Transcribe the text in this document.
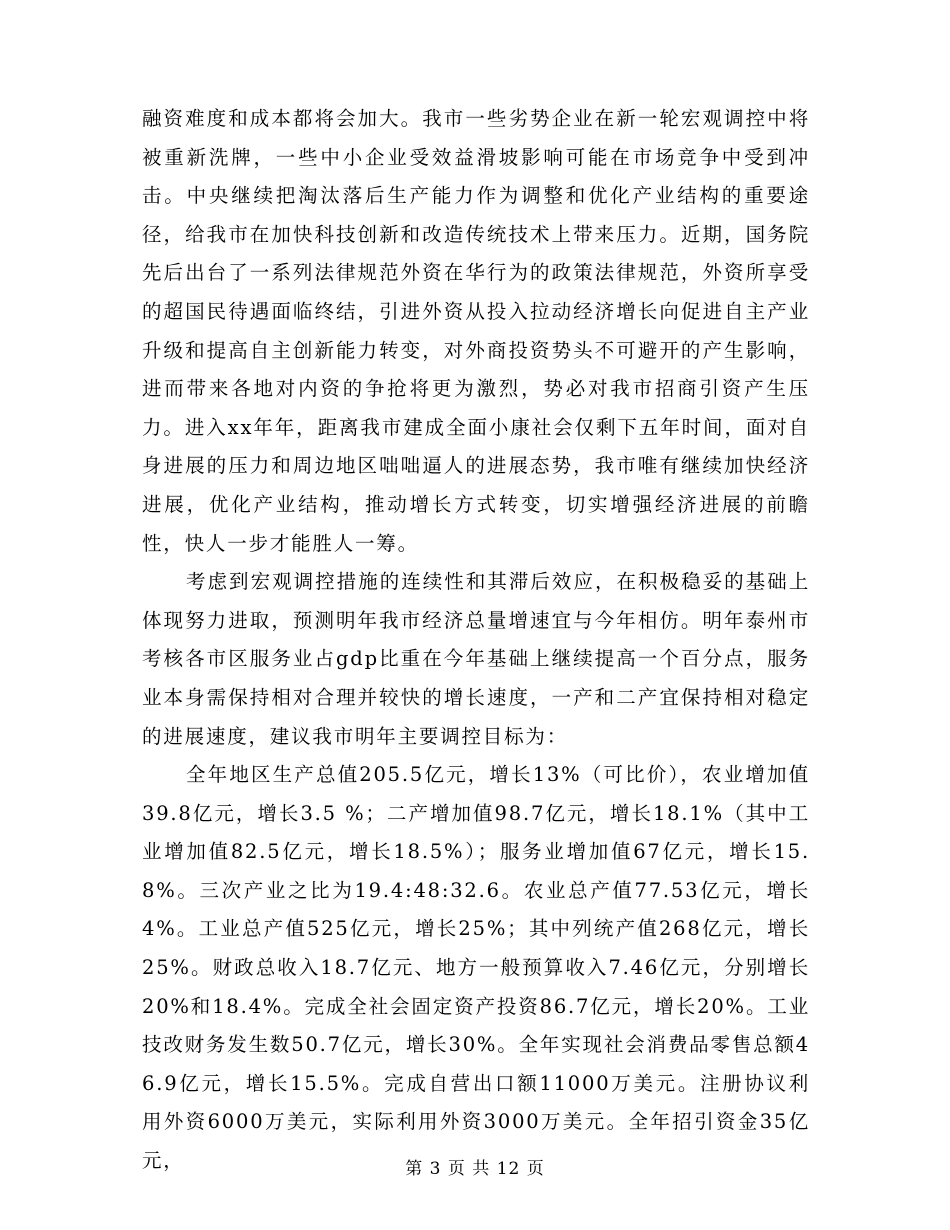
融资难度和成本都将会加大。我市一些劣势企业在新一轮宏观调控中将被重新洗牌，一些中小企业受效益滑坡影响可能在市场竞争中受到冲击。中央继续把淘汰落后生产能力作为调整和优化产业结构的重要途径，给我市在加快科技创新和改造传统技术上带来压力。近期，国务院先后出台了一系列法律规范外资在华行为的政策法律规范，外资所享受的超国民待遇面临终结，引进外资从投入拉动经济增长向促进自主产业升级和提高自主创新能力转变，对外商投资势头不可避开的产生影响，进而带来各地对内资的争抢将更为激烈，势必对我市招商引资产生压力。进入xx年年，距离我市建成全面小康社会仅剩下五年时间，面对自身进展的压力和周边地区咄咄逼人的进展态势，我市唯有继续加快经济进展，优化产业结构，推动增长方式转变，切实增强经济进展的前瞻性，快人一步才能胜人一筹。

考虑到宏观调控措施的连续性和其滞后效应，在积极稳妥的基础上体现努力进取，预测明年我市经济总量增速宜与今年相仿。明年泰州市考核各市区服务业占gdp比重在今年基础上继续提高一个百分点，服务业本身需保持相对合理并较快的增长速度，一产和二产宜保持相对稳定的进展速度，建议我市明年主要调控目标为：

全年地区生产总值205.5亿元，增长13%（可比价），农业增加值39.8亿元，增长3.5 %；二产增加值98.7亿元，增长18.1%（其中工业增加值82.5亿元，增长18.5%）；服务业增加值67亿元，增长15.8%。三次产业之比为19.4:48:32.6。农业总产值77.53亿元，增长4%。工业总产值525亿元，增长25%；其中列统产值268亿元，增长25%。财政总收入18.7亿元、地方一般预算收入7.46亿元，分别增长20%和18.4%。完成全社会固定资产投资86.7亿元，增长20%。工业技改财务发生数50.7亿元，增长30%。全年实现社会消费品零售总额46.9亿元，增长15.5%。完成自营出口额11000万美元。注册协议利用外资6000万美元，实际利用外资3000万美元。全年招引资金35亿元，	第 3 页 共 12 页
